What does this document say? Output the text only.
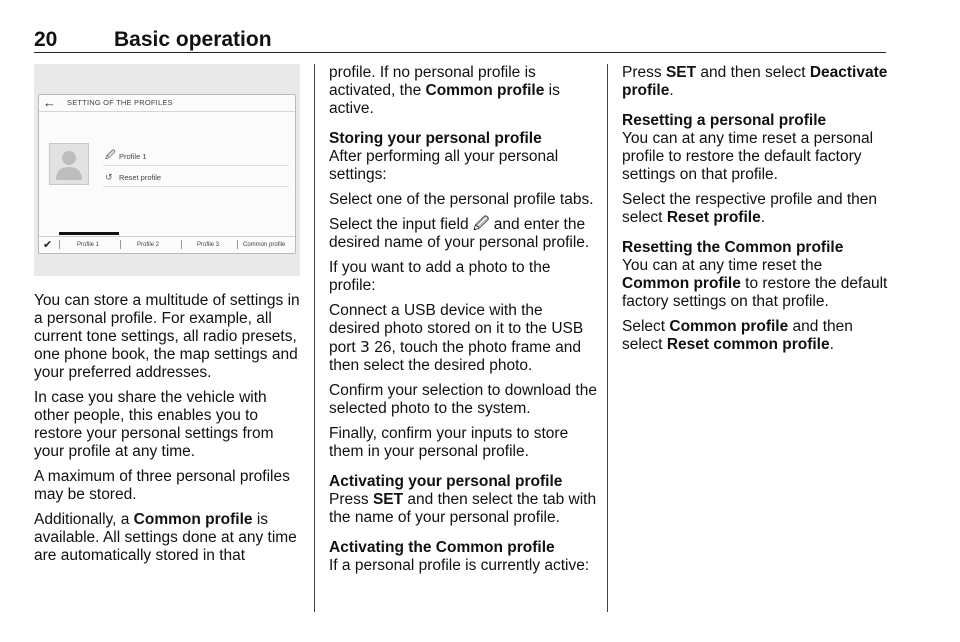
20	Basic operation
← SETTING OF THE PROFILES
🖉 Profile 1
↺ Reset profile
✔	Profile 1	Profile 2	Profile 3	Common profile

You can store a multitude of settings in a personal profile. For example, all current tone settings, all radio presets, one phone book, the map settings and your preferred addresses.

In case you share the vehicle with other people, this enables you to restore your personal settings from your profile at any time.

A maximum of three personal profiles may be stored.

Additionally, a Common profile is available. All settings done at any time are automatically stored in that

profile. If no personal profile is activated, the Common profile is active.

Storing your personal profile

After performing all your personal settings:

Select one of the personal profile tabs.

Select the input field 🖉 and enter the desired name of your personal profile.

If you want to add a photo to the profile:

Connect a USB device with the desired photo stored on it to the USB port 3 26, touch the photo frame and then select the desired photo.

Confirm your selection to download the selected photo to the system.

Finally, confirm your inputs to store them in your personal profile.

Activating your personal profile

Press SET and then select the tab with the name of your personal profile.

Activating the Common profile

If a personal profile is currently active:

Press SET and then select Deactivate profile.

Resetting a personal profile

You can at any time reset a personal profile to restore the default factory settings on that profile.

Select the respective profile and then select Reset profile.

Resetting the Common profile

You can at any time reset the Common profile to restore the default factory settings on that profile.

Select Common profile and then select Reset common profile.
